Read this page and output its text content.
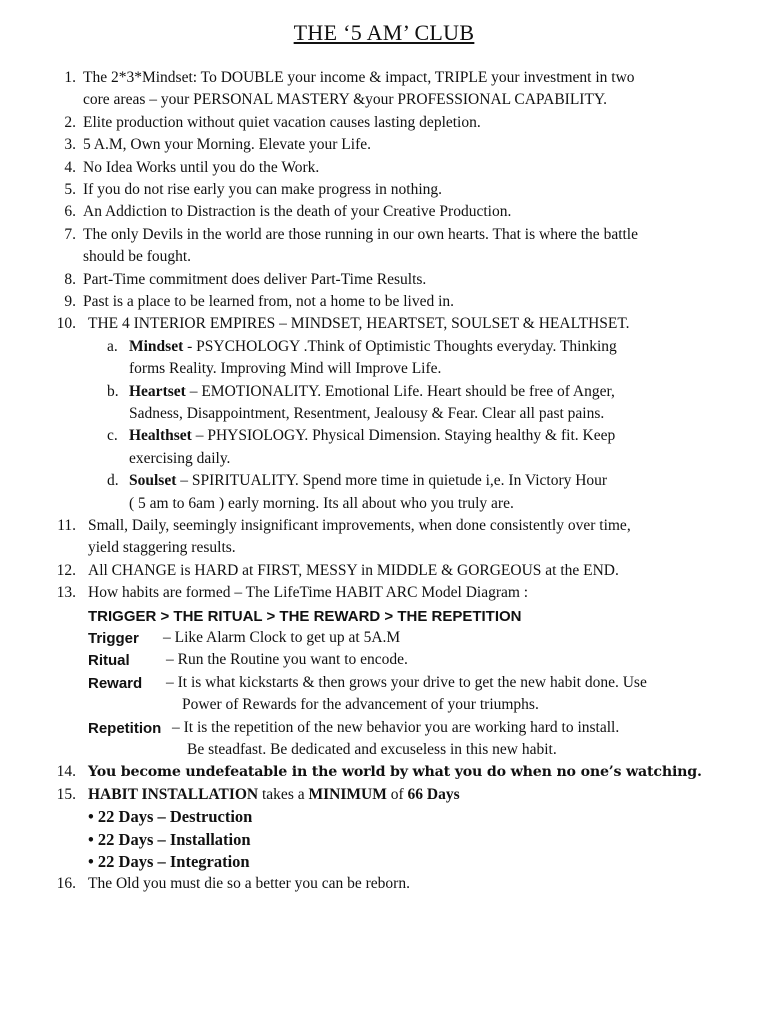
THE ‘5 AM’ CLUB
1. The 2*3*Mindset: To DOUBLE your income & impact, TRIPLE your investment in two
core areas – your PERSONAL MASTERY &your PROFESSIONAL CAPABILITY.
2. Elite production without quiet vacation causes lasting depletion.
3. 5 A.M, Own your Morning. Elevate your Life.
4. No Idea Works until you do the Work.
5. If you do not rise early you can make progress in nothing.
6. An Addiction to Distraction is the death of your Creative Production.
7. The only Devils in the world are those running in our own hearts. That is where the battle
should be fought.
8. Part-Time commitment does deliver Part-Time Results.
9. Past is a place to be learned from, not a home to be lived in.
10. THE 4 INTERIOR EMPIRES – MINDSET, HEARTSET, SOULSET & HEALTHSET.
a. Mindset - PSYCHOLOGY .Think of Optimistic Thoughts everyday. Thinking
forms Reality. Improving Mind will Improve Life.
b. Heartset – EMOTIONALITY. Emotional Life. Heart should be free of Anger,
Sadness, Disappointment, Resentment, Jealousy & Fear. Clear all past pains.
c. Healthset – PHYSIOLOGY. Physical Dimension. Staying healthy & fit. Keep
exercising daily.
d. Soulset – SPIRITUALITY. Spend more time in quietude i,e. In Victory Hour
( 5 am to 6am ) early morning. Its all about who you truly are.
11. Small, Daily, seemingly insignificant improvements, when done consistently over time,
yield staggering results.
12. All CHANGE is HARD at FIRST, MESSY in MIDDLE & GORGEOUS at the END.
13. How habits are formed – The LifeTime HABIT ARC Model Diagram :
TRIGGER > THE RITUAL > THE REWARD > THE REPETITION
Trigger – Like Alarm Clock to get up at 5A.M
Ritual – Run the Routine you want to encode.
Reward – It is what kickstarts & then grows your drive to get the new habit done. Use
Power of Rewards for the advancement of your triumphs.
Repetition – It is the repetition of the new behavior you are working hard to install.
Be steadfast. Be dedicated and excuseless in this new habit.
14. You become undefeatable in the world by what you do when no one’s watching.
15. HABIT INSTALLATION takes a MINIMUM of 66 Days
• 22 Days – Destruction
• 22 Days – Installation
• 22 Days – Integration
16. The Old you must die so a better you can be reborn.
